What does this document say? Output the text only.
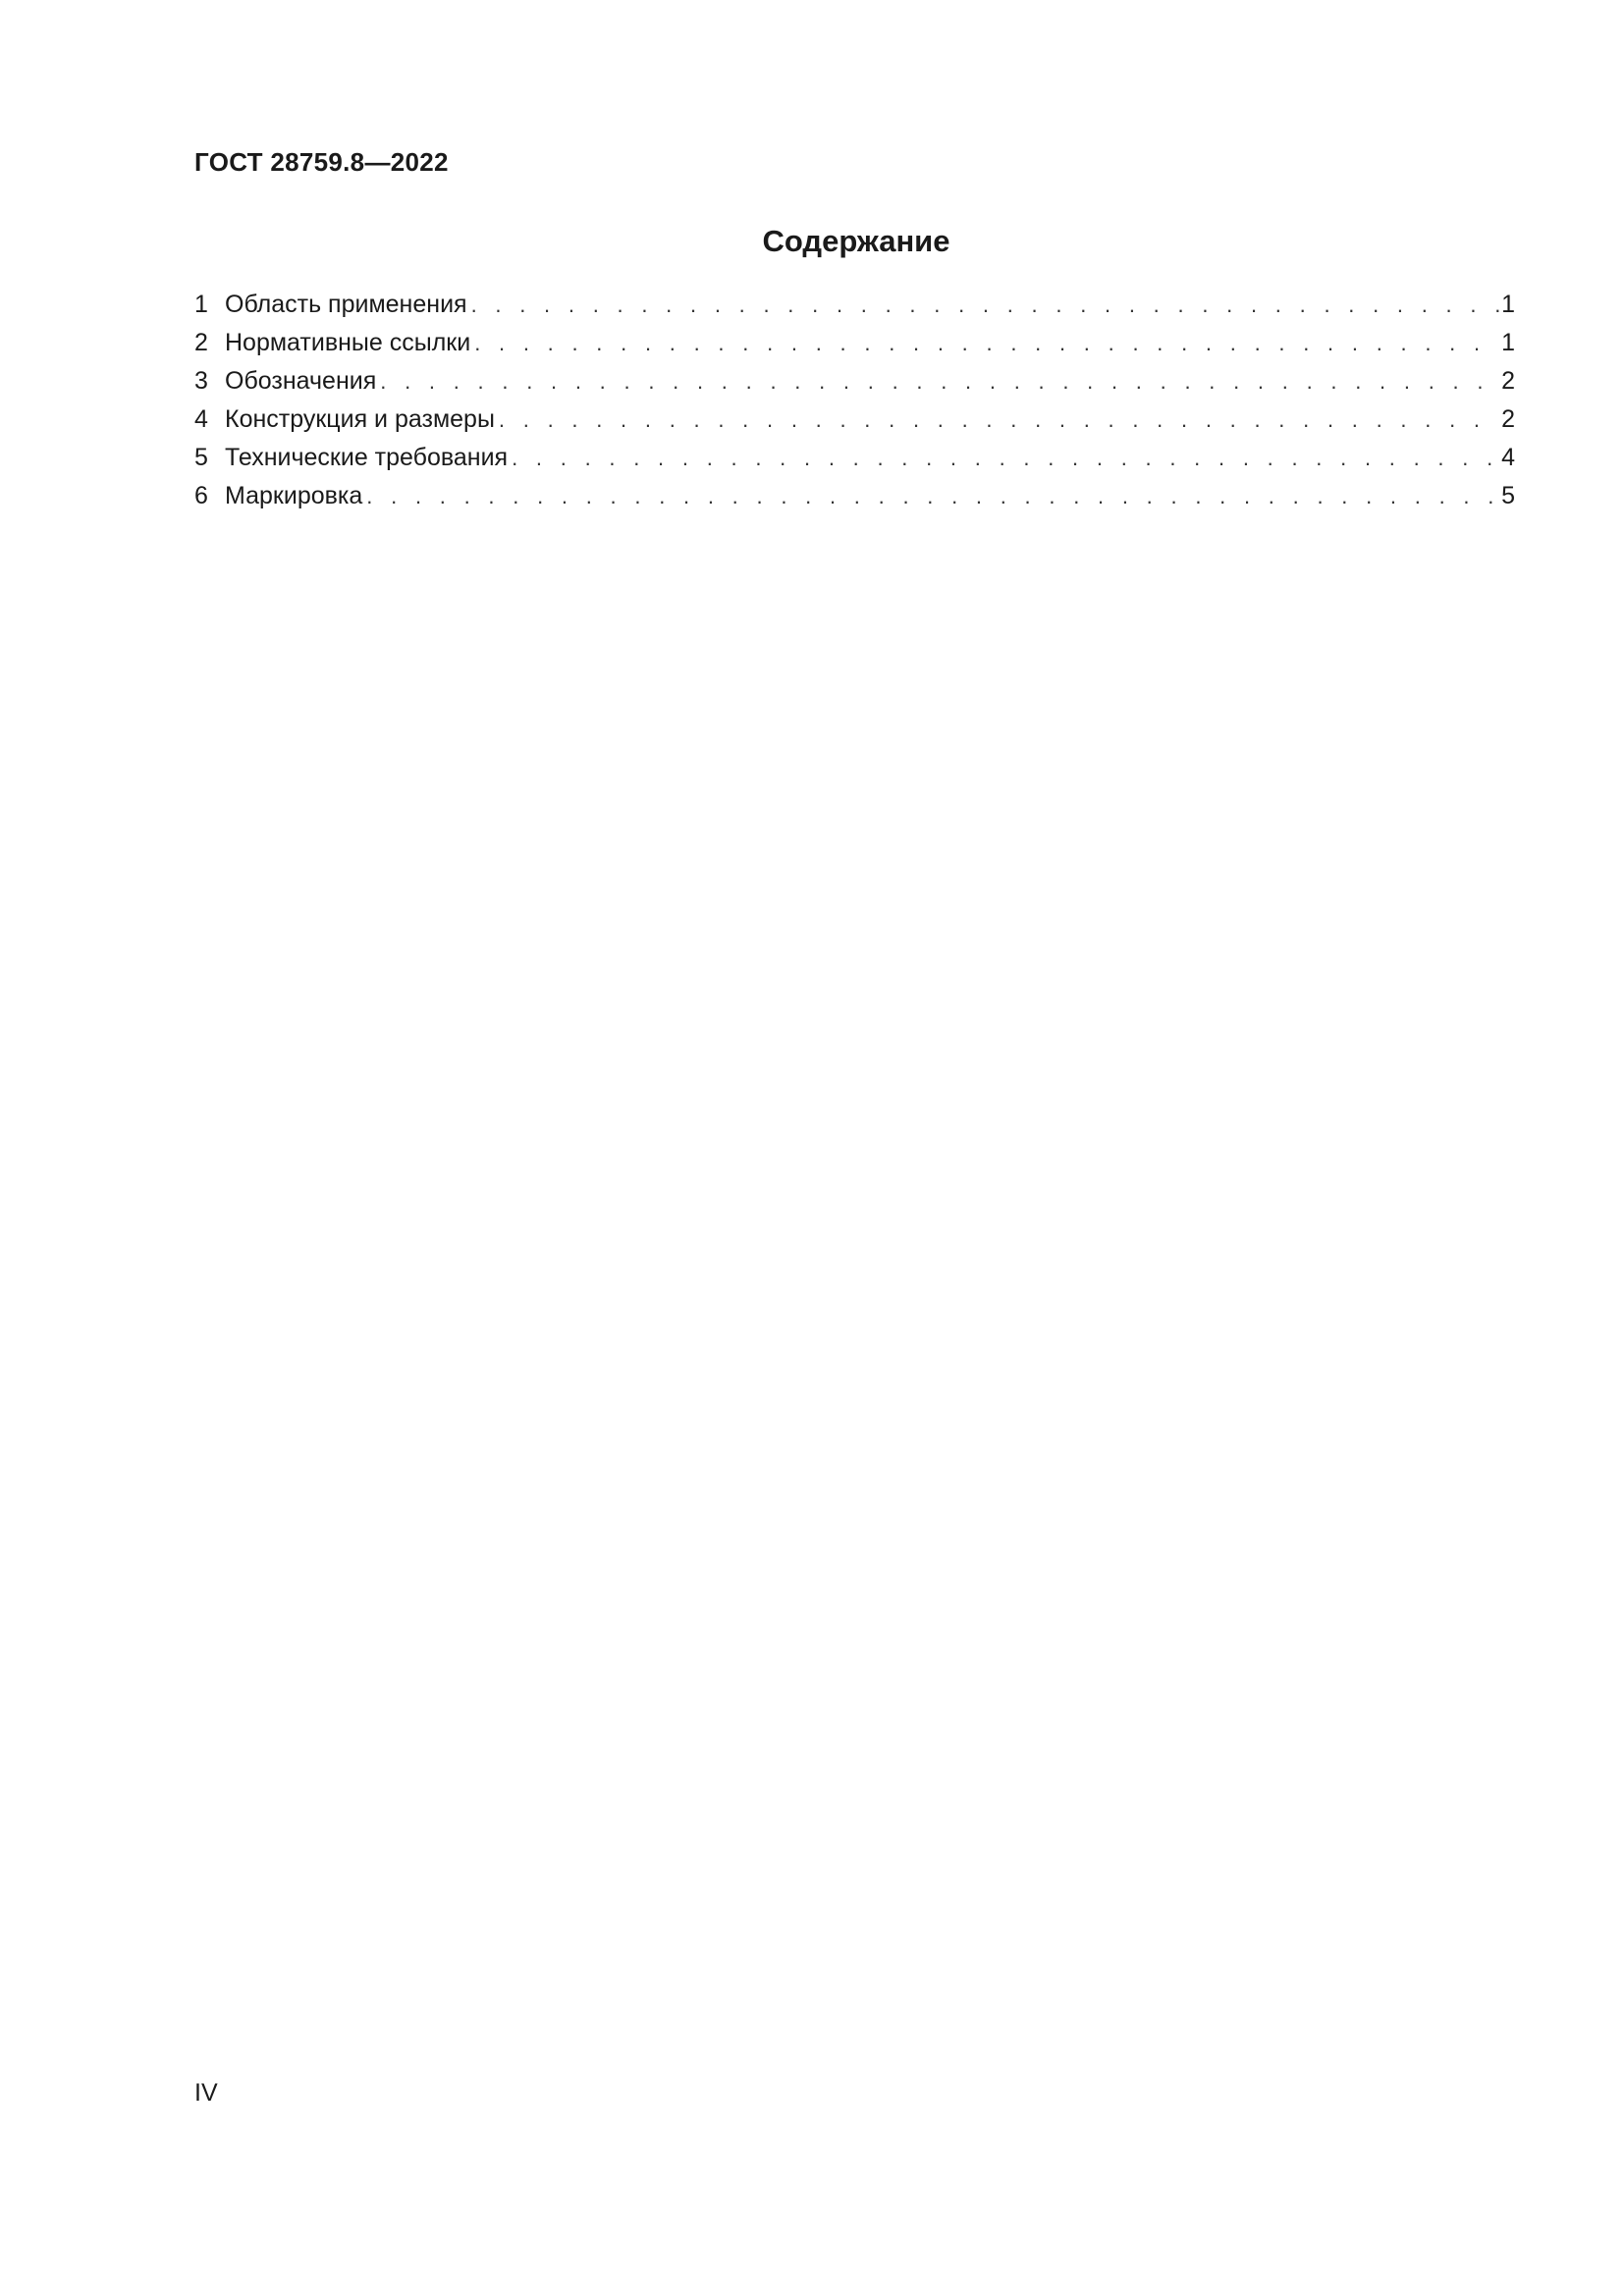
ГОСТ 28759.8—2022
Содержание
1 Область применения . . .	1
2 Нормативные ссылки . . .	1
3 Обозначения . . .	2
4 Конструкция и размеры . . .	2
5 Технические требования . . .	4
6 Маркировка . . .	5
IV
